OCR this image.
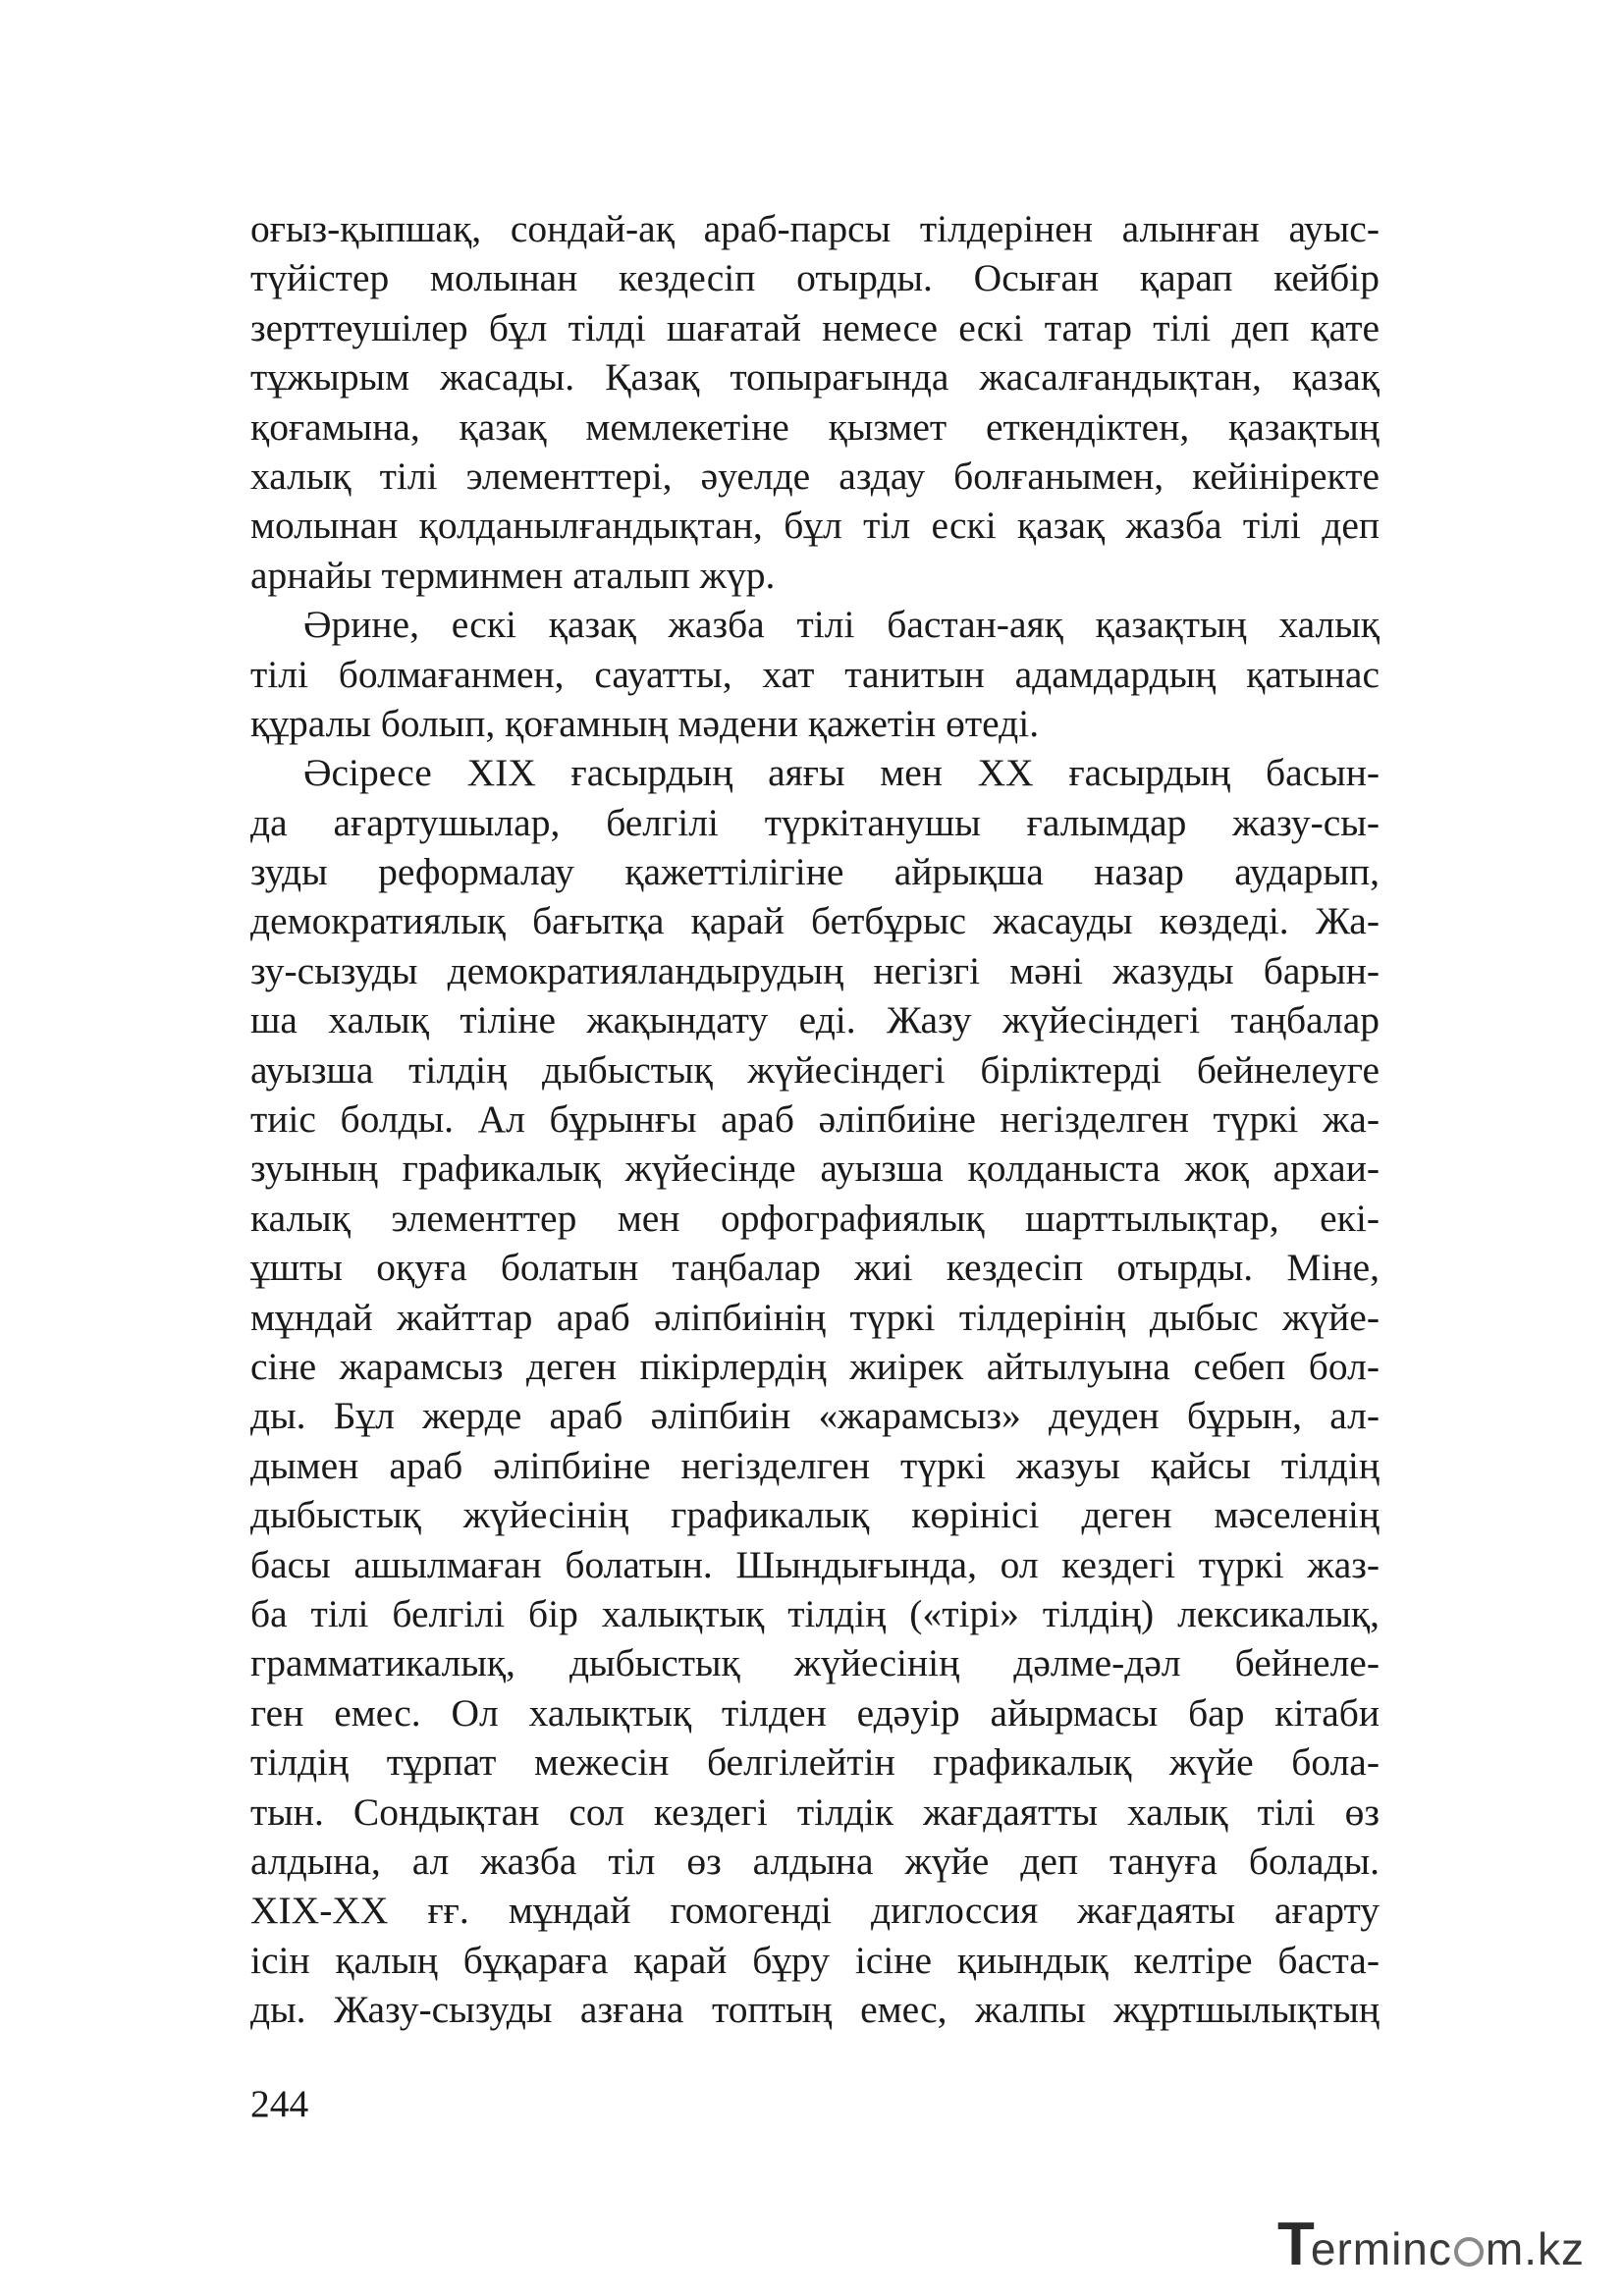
оғыз-қыпшақ, сондай-ақ араб-парсы тілдерінен алынған ауыс-
түйістер молынан кездесіп отырды. Осыған қарап кейбір
зерттеушілер бұл тілді шағатай немесе ескі татар тілі деп қате
тұжырым жасады. Қазақ топырағында жасалғандықтан, қазақ
қоғамына, қазақ мемлекетіне қызмет еткендіктен, қазақтың
халық тілі элементтері, әуелде аздау болғанымен, кейініректе
молынан қолданылғандықтан, бұл тіл ескі қазақ жазба тілі деп
арнайы терминмен аталып жүр.
Әрине, ескі қазақ жазба тілі бастан-аяқ қазақтың халық
тілі болмағанмен, сауатты, хат танитын адамдардың қатынас
құралы болып, қоғамның мәдени қажетін өтеді.
Әсіресе XIX ғасырдың аяғы мен XX ғасырдың басын-
да ағартушылар, белгілі түркітанушы ғалымдар жазу-сы-
зуды реформалау қажеттілігіне айрықша назар аударып,
демократиялық бағытқа қарай бетбұрыс жасауды көздеді. Жа-
зу-сызуды демократияландырудың негізгі мәні жазуды барын-
ша халық тіліне жақындату еді. Жазу жүйесіндегі таңбалар
ауызша тілдің дыбыстық жүйесіндегі бірліктерді бейнелеуге
тиіс болды. Ал бұрынғы араб әліпбиіне негізделген түркі жа-
зуының графикалық жүйесінде ауызша қолданыста жоқ архаи-
калық элементтер мен орфографиялық шарттылықтар, екі-
ұшты оқуға болатын таңбалар жиі кездесіп отырды. Міне,
мұндай жайттар араб әліпбиінің түркі тілдерінің дыбыс жүйе-
сіне жарамсыз деген пікірлердің жиірек айтылуына себеп бол-
ды. Бұл жерде араб әліпбиін «жарамсыз» деуден бұрын, ал-
дымен араб әліпбиіне негізделген түркі жазуы қайсы тілдің
дыбыстық жүйесінің графикалық көрінісі деген мәселенің
басы ашылмаған болатын. Шындығында, ол кездегі түркі жаз-
ба тілі белгілі бір халықтық тілдің («тірі» тілдің) лексикалық,
грамматикалық, дыбыстық жүйесінің дәлме-дәл бейнеле-
ген емес. Ол халықтық тілден едәуір айырмасы бар кітаби
тілдің тұрпат межесін белгілейтін графикалық жүйе бола-
тын. Сондықтан сол кездегі тілдік жағдаятты халық тілі өз
алдына, ал жазба тіл өз алдына жүйе деп тануға болады.
XIX-XX ғғ. мұндай гомогенді диглоссия жағдаяты ағарту
ісін қалың бұқараға қарай бұру ісіне қиындық келтіре баста-
ды. Жазу-сызуды азғана топтың емес, жалпы жұртшылықтың
244
T
erminc m.kz
